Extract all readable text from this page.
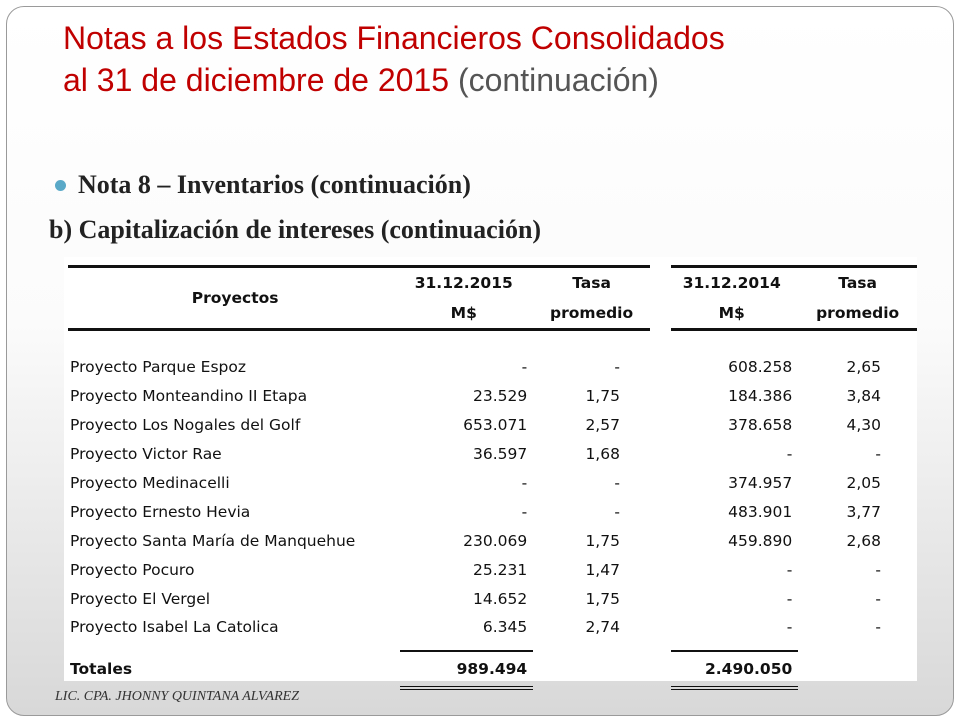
Notas a los Estados Financieros Consolidados
al 31 de diciembre de 2015 (continuación)
Nota 8 – Inventarios (continuación)
b) Capitalización de intereses (continuación)
Proyectos	31.12.2015	Tasa		31.12.2014	Tasa
	M$	promedio		M$	promedio

Proyecto Parque Espoz	-	-		608.258	2,65
Proyecto Monteandino II Etapa	23.529	1,75		184.386	3,84
Proyecto Los Nogales del Golf	653.071	2,57		378.658	4,30
Proyecto Victor Rae	36.597	1,68		-	-
Proyecto Medinacelli	-	-		374.957	2,05
Proyecto Ernesto Hevia	-	-		483.901	3,77
Proyecto Santa María de Manquehue	230.069	1,75		459.890	2,68
Proyecto Pocuro	25.231	1,47		-	-
Proyecto El Vergel	14.652	1,75		-	-
Proyecto Isabel La Catolica	6.345	2,74		-	-

Totales	989.494			2.490.050	
LIC. CPA. JHONNY QUINTANA ALVAREZ
